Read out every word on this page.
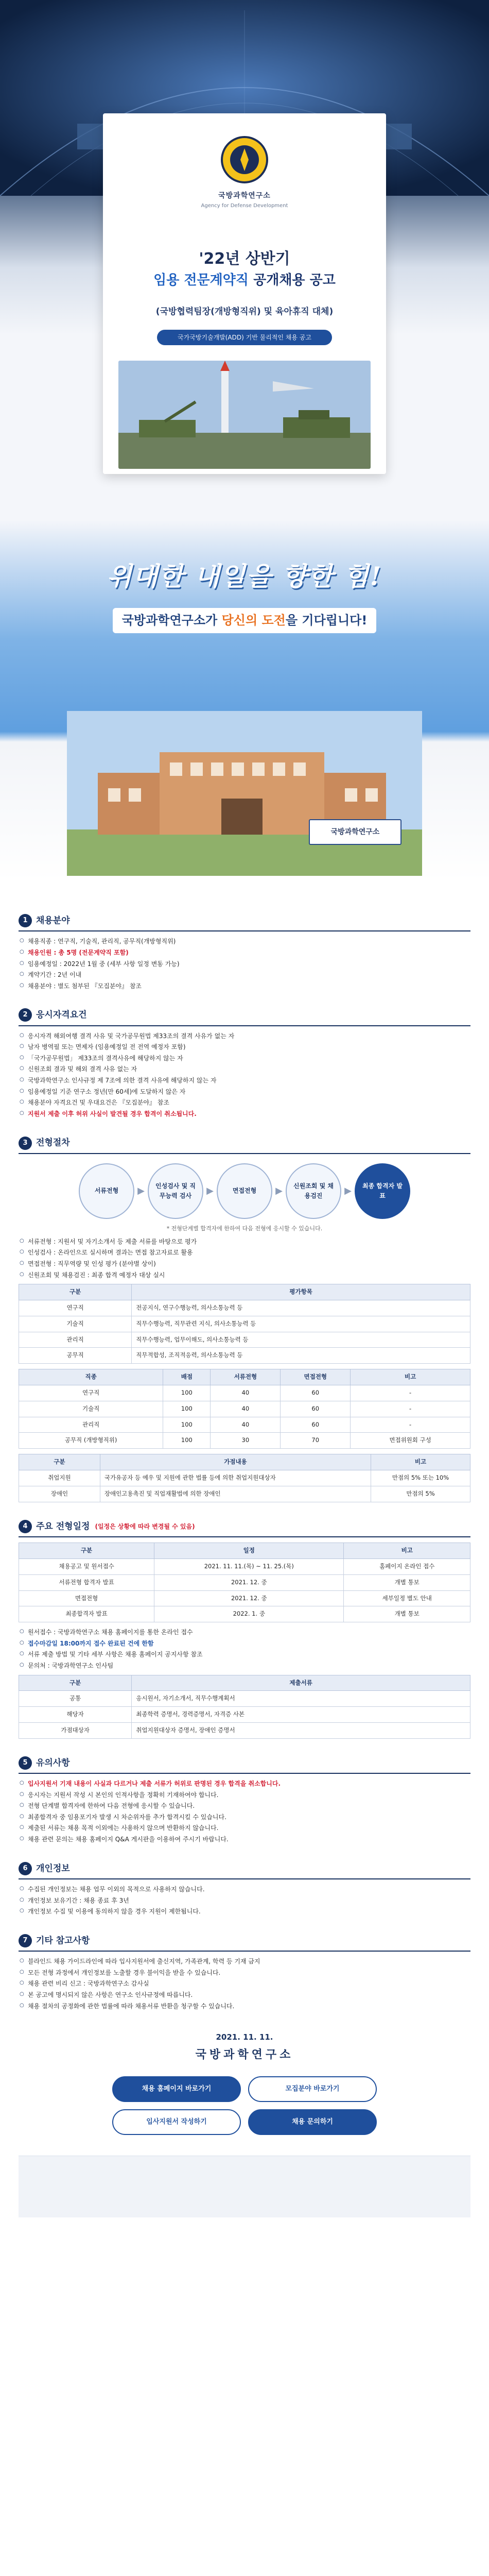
국방과학연구소
Agency for Defense Development
'22년 상반기
임용 전문계약직 공개채용 공고
(국방협력팀장(개방형직위) 및 육아휴직 대체)
국가국방기술개발(ADD) 기반 물리적인 채용 공고
위대한 내일을 향한 힘!
국방과학연구소가 당신의 도전을 기다립니다!
국방과학연구소
1 채용분야
○ 채용직종 : 연구직, 기술직, 관리직, 공무직(개방형직위)
○ 채용인원 : 총 5명 (전문계약직 포함)
○ 임용예정일 : 2022년 1월 중 (세부 사항 일정 변동 가능)
○ 계약기간 : 2년 이내
○ 채용분야 : 별도 첨부된 『모집분야』 참조
2 응시자격요건
○ 응시자격 해외여행 결격 사유 및 국가공무원법 제33조의 결격 사유가 없는 자
○ 남자 병역필 또는 면제자 (임용예정일 전 전역 예정자 포함)
○ 「국가공무원법」 제33조의 결격사유에 해당하지 않는 자
○ 신원조회 결과 및 해외 결격 사유 없는 자
○ 국방과학연구소 인사규정 제 7조에 의한 결격 사유에 해당하지 않는 자
○ 임용예정일 기준 연구소 정년(만 60세)에 도달하지 않은 자
○ 채용분야 자격요건 및 우대요건은 『모집분야』 참조
○ 지원서 제출 이후 허위 사실이 발견될 경우 합격이 취소됩니다.
3 전형절차
서류전형	▶	인성검사 및 직무능력 검사	▶	면접전형	▶	신원조회 및 채용검진	▶	최종 합격자 발표
* 전형단계별 합격자에 한하여 다음 전형에 응시할 수 있습니다.
○ 서류전형 : 지원서 및 자기소개서 등 제출 서류를 바탕으로 평가
○ 인성검사 : 온라인으로 실시하며 결과는 면접 참고자료로 활용
○ 면접전형 : 직무역량 및 인성 평가 (분야별 상이)
○ 신원조회 및 채용검진 : 최종 합격 예정자 대상 실시
구분	평가항목
연구직	전공지식, 연구수행능력, 의사소통능력 등
기술직	직무수행능력, 직무관련 지식, 의사소통능력 등
관리직	직무수행능력, 업무이해도, 의사소통능력 등
공무직	직무적합성, 조직적응력, 의사소통능력 등
직종	배점	서류전형	면접전형	비고
연구직	100	40	60	-
기술직	100	40	60	-
관리직	100	40	60	-
공무직 (개방형직위)	100	30	70	면접위원회 구성
구분	가점내용	비고
취업지원	국가유공자 등 예우 및 지원에 관한 법률 등에 의한 취업지원대상자	만점의 5% 또는 10%
장애인	장애인고용촉진 및 직업재활법에 의한 장애인	만점의 5%
4 주요 전형일정 (일정은 상황에 따라 변경될 수 있음)
구분	일정	비고
채용공고 및 원서접수	2021. 11. 11.(목) ~ 11. 25.(목)	홈페이지 온라인 접수
서류전형 합격자 발표	2021. 12. 중	개별 통보
면접전형	2021. 12. 중	세부일정 별도 안내
최종합격자 발표	2022. 1. 중	개별 통보
○ 원서접수 : 국방과학연구소 채용 홈페이지를 통한 온라인 접수
○ 접수마감일 18:00까지 접수 완료된 건에 한함
○ 서류 제출 방법 및 기타 세부 사항은 채용 홈페이지 공지사항 참조
○ 문의처 : 국방과학연구소 인사팀
구분	제출서류
공통	응시원서, 자기소개서, 직무수행계획서
해당자	최종학력 증명서, 경력증명서, 자격증 사본
가점대상자	취업지원대상자 증명서, 장애인 증명서
5 유의사항
○ 입사지원서 기재 내용이 사실과 다르거나 제출 서류가 허위로 판명된 경우 합격을 취소합니다.
○ 응시자는 지원서 작성 시 본인의 인적사항을 정확히 기재하여야 합니다.
○ 전형 단계별 합격자에 한하여 다음 전형에 응시할 수 있습니다.
○ 최종합격자 중 임용포기자 발생 시 차순위자를 추가 합격시킬 수 있습니다.
○ 제출된 서류는 채용 목적 이외에는 사용하지 않으며 반환하지 않습니다.
○ 채용 관련 문의는 채용 홈페이지 Q&A 게시판을 이용하여 주시기 바랍니다.
6 개인정보
○ 수집된 개인정보는 채용 업무 이외의 목적으로 사용하지 않습니다.
○ 개인정보 보유기간 : 채용 종료 후 3년
○ 개인정보 수집 및 이용에 동의하지 않을 경우 지원이 제한됩니다.
7 기타 참고사항
○ 블라인드 채용 가이드라인에 따라 입사지원서에 출신지역, 가족관계, 학력 등 기재 금지
○ 모든 전형 과정에서 개인정보를 노출할 경우 불이익을 받을 수 있습니다.
○ 채용 관련 비리 신고 : 국방과학연구소 감사실
○ 본 공고에 명시되지 않은 사항은 연구소 인사규정에 따릅니다.
○ 채용 절차의 공정화에 관한 법률에 따라 채용서류 반환을 청구할 수 있습니다.
2021. 11. 11.
국방과학연구소
채용 홈페이지 바로가기	모집분야 바로가기
입사지원서 작성하기	채용 문의하기
